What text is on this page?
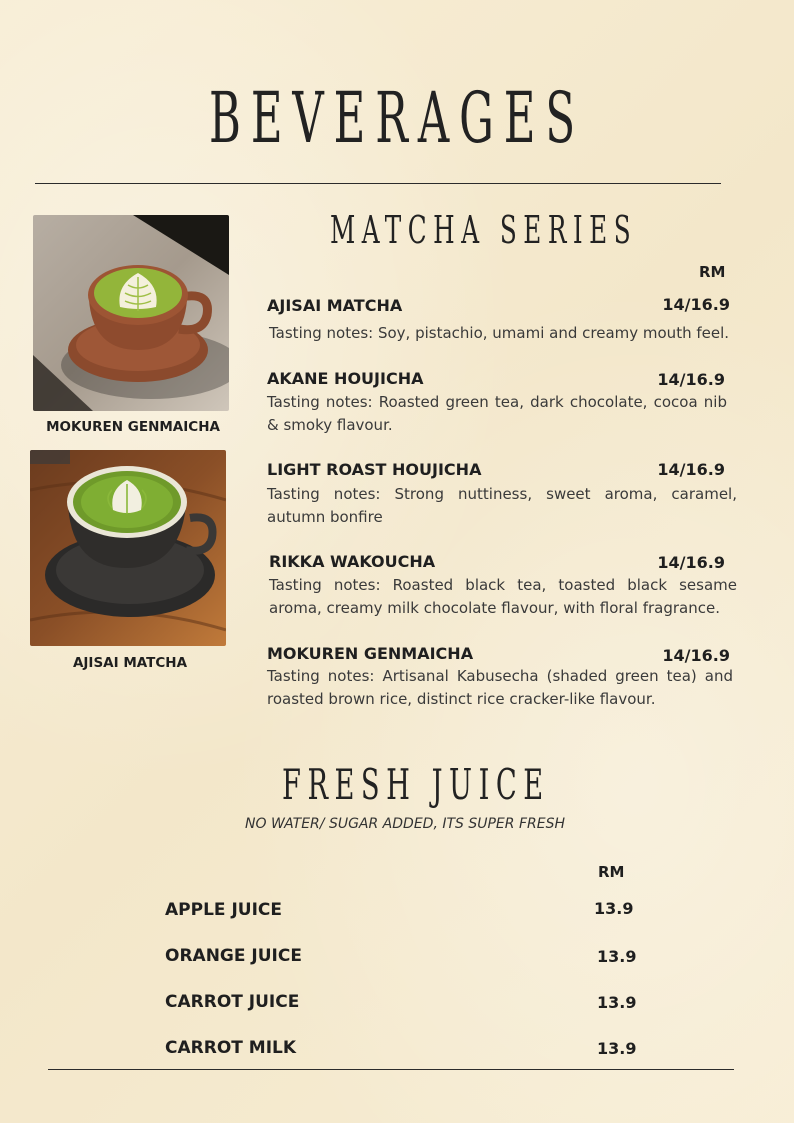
BEVERAGES
MOKUREN GENMAICHA
AJISAI MATCHA
MATCHA SERIES
RM
AJISAI MATCHA	14/16.9
Tasting notes: Soy, pistachio, umami and creamy mouth feel.
AKANE HOUJICHA	14/16.9
Tasting notes: Roasted green tea, dark chocolate, cocoa nib & smoky flavour.
LIGHT ROAST HOUJICHA	14/16.9
Tasting notes: Strong nuttiness, sweet aroma, caramel, autumn bonfire
RIKKA WAKOUCHA	14/16.9
Tasting notes: Roasted black tea, toasted black sesame aroma, creamy milk chocolate flavour, with floral fragrance.
MOKUREN GENMAICHA	14/16.9
Tasting notes: Artisanal Kabusecha (shaded green tea) and roasted brown rice, distinct rice cracker-like flavour.
FRESH JUICE
NO WATER/ SUGAR ADDED, ITS SUPER FRESH
RM
APPLE JUICE	13.9
ORANGE JUICE	13.9
CARROT JUICE	13.9
CARROT MILK	13.9
